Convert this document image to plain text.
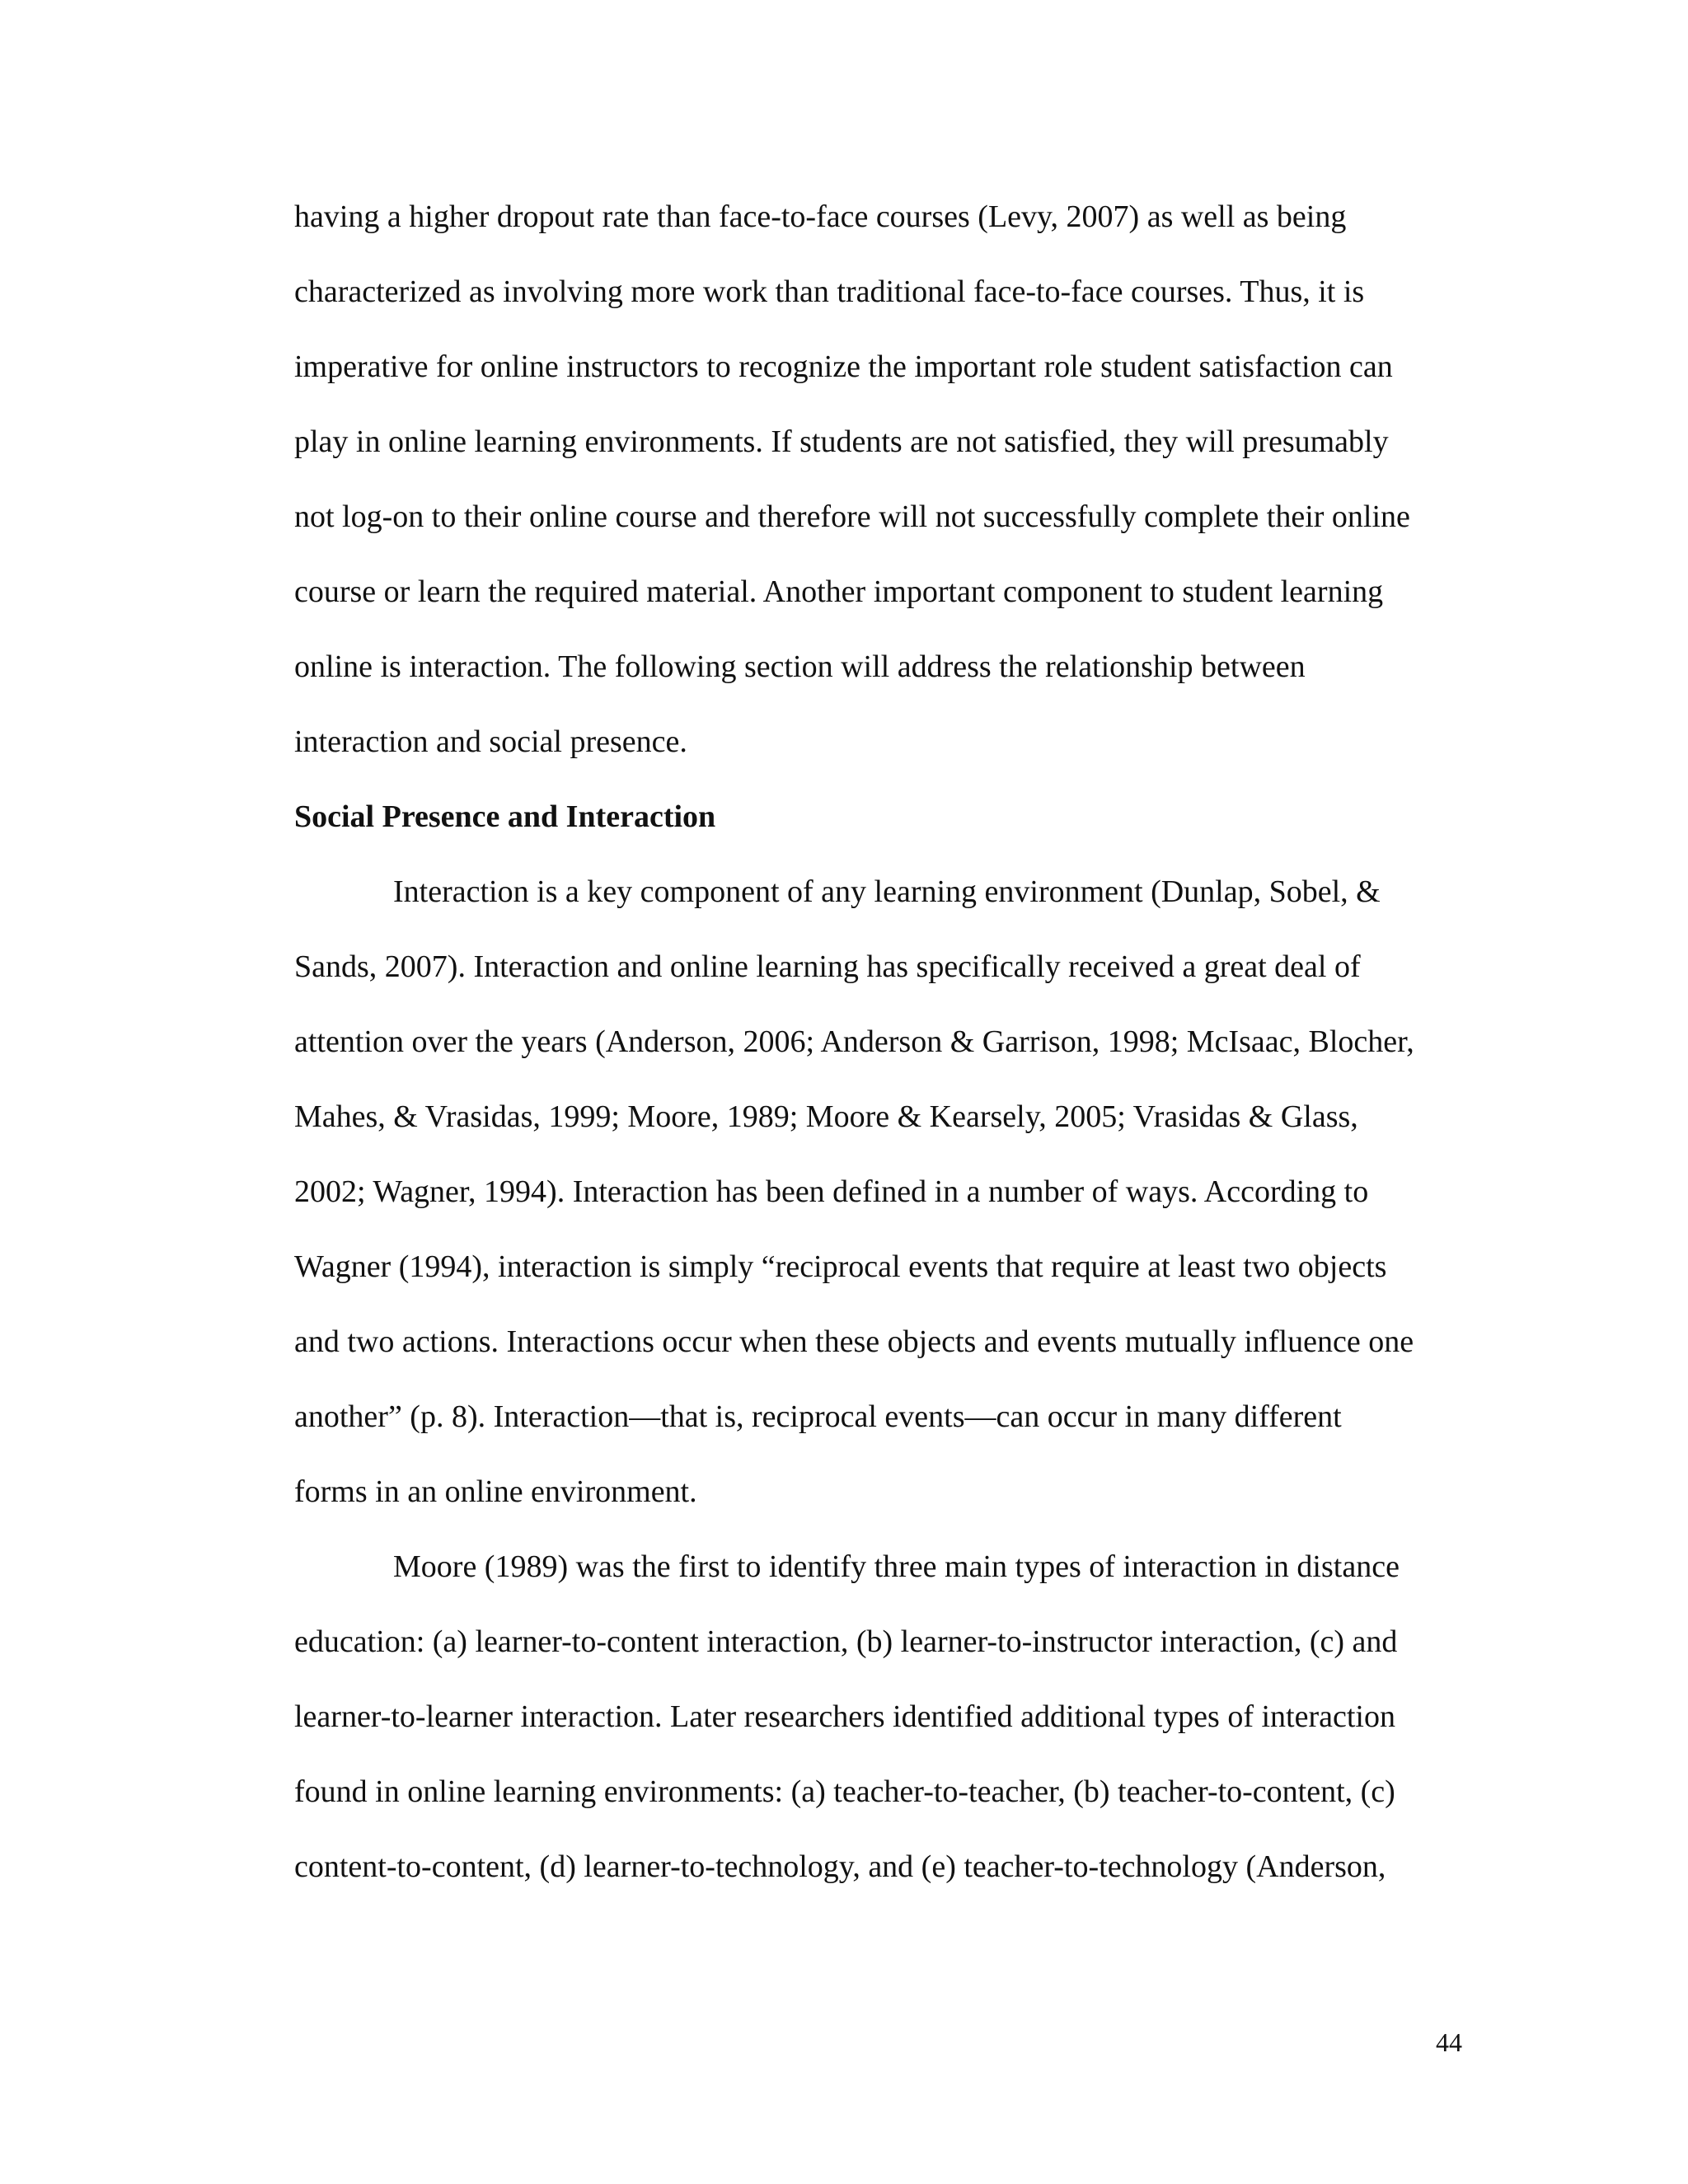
having a higher dropout rate than face-to-face courses (Levy, 2007) as well as being
characterized as involving more work than traditional face-to-face courses. Thus, it is
imperative for online instructors to recognize the important role student satisfaction can
play in online learning environments. If students are not satisfied, they will presumably
not log-on to their online course and therefore will not successfully complete their online
course or learn the required material. Another important component to student learning
online is interaction. The following section will address the relationship between
interaction and social presence.
Social Presence and Interaction
Interaction is a key component of any learning environment (Dunlap, Sobel, &
Sands, 2007). Interaction and online learning has specifically received a great deal of
attention over the years (Anderson, 2006; Anderson & Garrison, 1998; McIsaac, Blocher,
Mahes, & Vrasidas, 1999; Moore, 1989; Moore & Kearsely, 2005; Vrasidas & Glass,
2002; Wagner, 1994). Interaction has been defined in a number of ways. According to
Wagner (1994), interaction is simply “reciprocal events that require at least two objects
and two actions. Interactions occur when these objects and events mutually influence one
another” (p. 8). Interaction—that is, reciprocal events—can occur in many different
forms in an online environment.
Moore (1989) was the first to identify three main types of interaction in distance
education: (a) learner-to-content interaction, (b) learner-to-instructor interaction, (c) and
learner-to-learner interaction. Later researchers identified additional types of interaction
found in online learning environments: (a) teacher-to-teacher, (b) teacher-to-content, (c)
content-to-content, (d) learner-to-technology, and (e) teacher-to-technology (Anderson,
44
